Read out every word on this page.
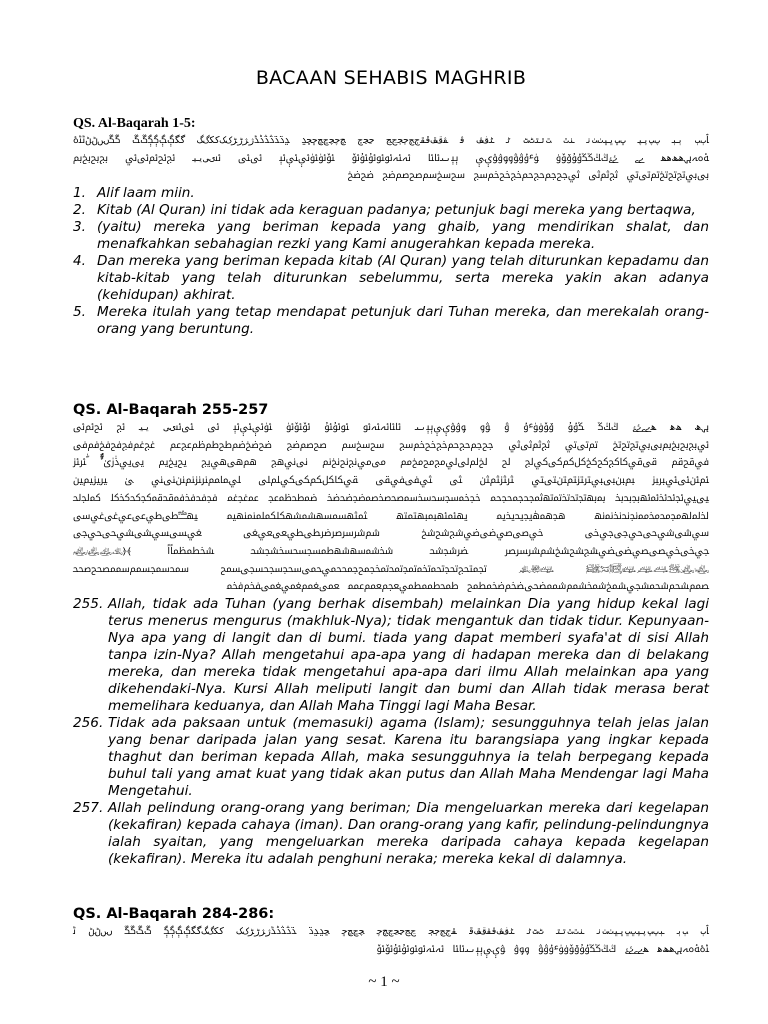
BACAAN SEHABIS MAGHRIB
QS. Al-Baqarah 1-5:
ﭑﭒﭓ ﭔﭕ ﭖﭗﭘﭙ ﭚﭛﭜﭝﭞﭟﭠ ﭡﭢ ﭣﭤﭥﭦﭧ ﭨ ﭩﭪﭫ ﭬ ﭭﭮﭯﭰﭱﭲﭳﭴﭵﭶﭷ ﭸﭹﭺ ﭻﭼﭽﭾﭿﮀﮁﮂ ﮃﮄﮅﮆﮇﮈﮉﮊﮋﮌﮍﮎﮏﮐﮑﮒﮓ ﮔﮕﮖﮗﮘﮙﮚﮛ ﮜﮝﮞﮟﮠﮡﮢﮣﮤ ﮥﮦﮧﮨﮩﮪﮫﮬﮭ ﮮﮯ ﮰﮱﯓﯔﯕﯖﯗﯘﯙﯚﯛ ﯜﯝﯞﯟﯠﯡﯢﯣﯤﯥ ﯦﯧﯨﯩﯪﯫ ﯬﯭﯮﯯﯰﯱﯲ ﯳﯴﯵﯶﯷﯸ ﯹﯺ ﯻﯼﯽﯾﯿ ﰀﰁﰂﰃﰄ ﰅﰆﰇﰈ ﰉﰊﰋﰌﰍﰎﰏﰐ ﰑﰒﰓ ﰔﰕﰖﰗﰘﰙﰚﰛﰜ ﰝﰞﰟﰠﰡﰢ ﰣﰤ
1. Alif laam miin.
2. Kitab (Al Quran) ini tidak ada keraguan padanya; petunjuk bagi mereka yang bertaqwa,
3. (yaitu) mereka yang beriman kepada yang ghaib, yang mendirikan shalat, dan menafkahkan sebahagian rezki yang Kami anugerahkan kepada mereka.
4. Dan mereka yang beriman kepada kitab (Al Quran) yang telah diturunkan kepadamu dan kitab-kitab yang telah diturunkan sebelummu, serta mereka yakin akan adanya (kehidupan) akhirat.
5. Mereka itulah yang tetap mendapat petunjuk dari Tuhan mereka, dan merekalah orang-orang yang beruntung.
QS. Al-Baqarah 255-257
ﮨﮩﮪ ﮫﮬ ﮭﮮﮯﮰﮱ ﯓﯔﯕ ﯖﯗﯘ ﯙﯚﯛﯜﯝ ﯞ ﯟﯠ ﯡﯢﯣﯤﯥﯦﯧﯨﯩ ﯪﯫﯬﯭﯮ ﯯﯰﯱ ﯲﯳﯴ ﯵﯶﯷﯸ ﯹ ﯺﯻﯼﯽ ﯾﯿ ﰀ ﰁﰂﰃ ﰄﰅﰆﰇﰈﰉﰊﰋﰌﰍ ﰎﰏﰐ ﰑﰒﰓﰔ ﰕﰖﰗﰘﰙﰚﰛﰜ ﰝﰞﰟ ﰠﰡﰢ ﰣﰤﰥﰦﰧﰨﰩﰪ ﰫﰬﰭﰮﰯﰰﰱ ﰲﰳﰴ ﰵﰶﰷﰸﰹﰺﰻﰼﰽﰾﰿ ﱀ ﱁﱂﱃﱄﱅﱆﱇﱈ ﱉﱊﱋﱌﱍﱎ ﱏﱐﱑ ﱒﱓﱔﱕ ﱖﱗﱘ ﱙﱚﱛﱜﱝﱞﱟﱠﱡﱢ ﱣﱤﱥ ﱦﱧﱨﱩﱪﱫ ﱬﱭﱮﱯﱰﱱﱲﱳﱴﱵ ﱶﱷﱸﱹ ﱺ ﱻﱼﱽﱾ ﱿﲀﲁﲂﲃﲄﲅﲆ ﲇﲈﲉﲊﲋﲌﲍﲎﲏ ﲐ ﲑﲒﲓﲔ ﲕﲖﲗﲘﲙﲚﲛﲜﲝﲞ ﲟﲠﲡﲢﲣﲤﲥﲦﲧﲨﲩﲪ ﲫﲬﲭﲮﲯﲰﲱﲲﲳﲴﲵﲶ ﲷﲸﲹﲺ ﲻﲼﲽ ﲾﲿﳀﳁﳂﳃﳄﳅﳆﳇ ﳈﳉﳊ ﳋﳌﳍﳎﳏﳐﳑﳒﳓﳔﳕﳖ ﳗﳘﳙﳚﳛﳜﳝ ﳞﳟﳠﳡﳢﳣﳤ ﳥﳦﳧﳨﳩﳪﳫﳬﳭﳮﳯﳰ ﳱﳲﳳﳴﳵﳶﳷﳸﳹﳺﳻ ﳼﳽﳾﳿﴀﴁﴂﴃ ﴄﴅﴆﴇﴈﴉﴊﴋ ﴌﴍﴎﴏﴐﴑﴒﴓﴔﴕ ﴖﴗﴘﴙﴚﴛﴜﴝ ﴞﴟﴠﴡﴢﴣﴤﴥﴦﴧﴨﴩﴪﴫ ﴬﴭﴮ ﴯﴰﴱﴲﴳﴴﴵﴶﴷﴸ ﴹﴺﴻﴼﴽ ﴾﴿﵀﵁﵂﵃ ﵄﵅﵆﵇﵈﵉﵊﵋﵌ ﵍﵎﵏ ﵐﵑﵒﵓﵔﵕﵖﵗﵘﵙﵚﵛﵜﵝﵞﵟ ﵠﵡﵢﵣﵤﵥ ﵦﵧﵨﵩﵪﵫﵬﵭﵮﵯﵰﵱ ﵲﵳﵴﵵﵶﵷ ﵸﵹﵺﵻﵼﵽ
255. Allah, tidak ada Tuhan (yang berhak disembah) melainkan Dia yang hidup kekal lagi terus menerus mengurus (makhluk-Nya); tidak mengantuk dan tidak tidur. Kepunyaan-Nya apa yang di langit dan di bumi. tiada yang dapat memberi syafa'at di sisi Allah tanpa izin-Nya? Allah mengetahui apa-apa yang di hadapan mereka dan di belakang mereka, dan mereka tidak mengetahui apa-apa dari ilmu Allah melainkan apa yang dikehendaki-Nya. Kursi Allah meliputi langit dan bumi dan Allah tidak merasa berat memelihara keduanya, dan Allah Maha Tinggi lagi Maha Besar.
256. Tidak ada paksaan untuk (memasuki) agama (Islam); sesungguhnya telah jelas jalan yang benar daripada jalan yang sesat. Karena itu barangsiapa yang ingkar kepada thaghut dan beriman kepada Allah, maka sesungguhnya ia telah berpegang kepada buhul tali yang amat kuat yang tidak akan putus dan Allah Maha Mendengar lagi Maha Mengetahui.
257. Allah pelindung orang-orang yang beriman; Dia mengeluarkan mereka dari kegelapan (kekafiran) kepada cahaya (iman). Dan orang-orang yang kafir, pelindung-pelindungnya ialah syaitan, yang mengeluarkan mereka daripada cahaya kepada kegelapan (kekafiran). Mereka itu adalah penghuni neraka; mereka kekal di dalamnya.
QS. Al-Baqarah 284-286:
ﭑﭒ ﭓﭔ ﭕﭖﭗﭘﭙﭚﭛﭜﭝﭞﭟﭠ ﭡﭢﭣﭤﭥ ﭦﭧﭨ ﭩﭪﭫﭬﭭﭮﭯﭰ ﭱﭲﭳﭴﭵ ﭶﭷﭸﭹﭺﭻﭼ ﭽﭾﭿﮀ ﮁﮂﮃﮄ ﮅﮆﮇﮈﮉﮊﮋﮌﮍﮎﮏ ﮐﮑﮒﮓﮔﮕﮖﮗﮘﮙ ﮚﮛﮜﮝ ﮞﮟﮠﮡ ﮢ ﮣﮤﮥﮦﮧﮨﮩﮪﮫﮬ ﮭﮮﮯﮰﮱ ﯓﯔﯕﯖﯗﯘﯙﯚﯛﯜﯝﯞﯟ ﯠﯡﯢ ﯣﯤﯥﯦﯧﯨﯩﯪﯫ ﯬﯭﯮﯯﯰﯱﯲﯳ
~ 1 ~
